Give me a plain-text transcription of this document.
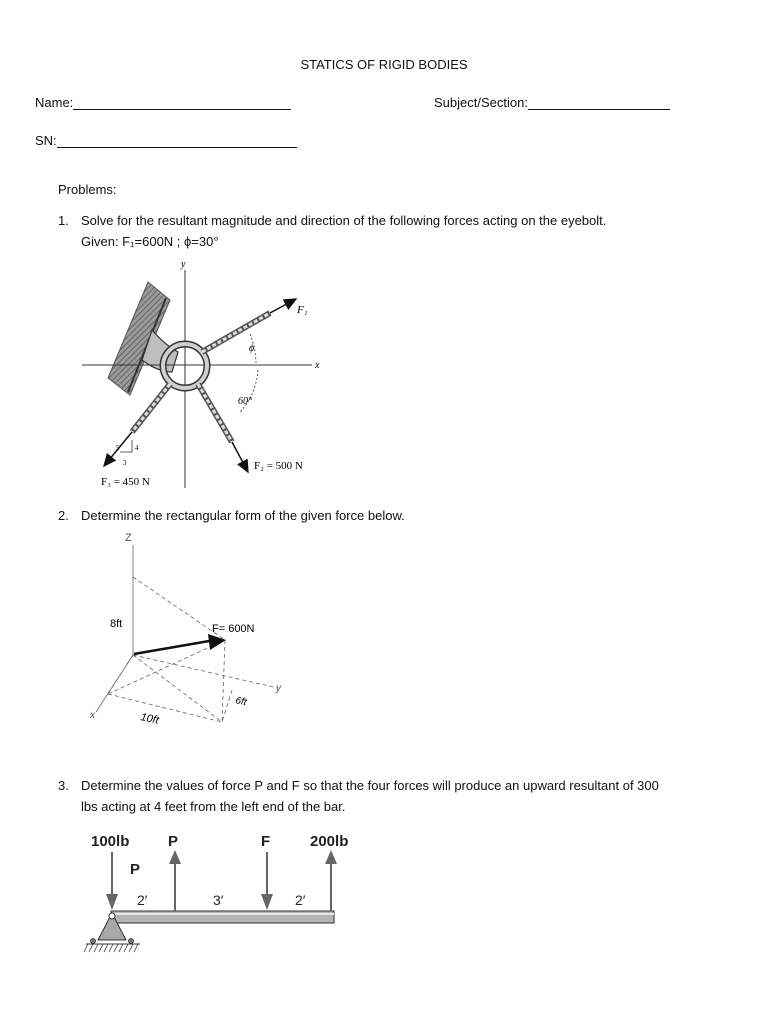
STATICS OF RIGID BODIES
Name:	Subject/Section:
SN:
Problems:
1. Solve for the resultant magnitude and direction of the following forces acting on the eyebolt.
Given: F₁=600N ; ϕ=30°
y
x
F₁
ϕ
60°
F₂ = 500 N
F₃ = 450 N
5 4
3
2. Determine the rectangular form of the given force below.
Z
x
y
F= 600N
8ft
6ft
10ft
3. Determine the values of force P and F so that the four forces will produce an upward resultant of 300
lbs acting at 4 feet from the left end of the bar.
100lb	P
P
F	200lb
2′	3′	2′
